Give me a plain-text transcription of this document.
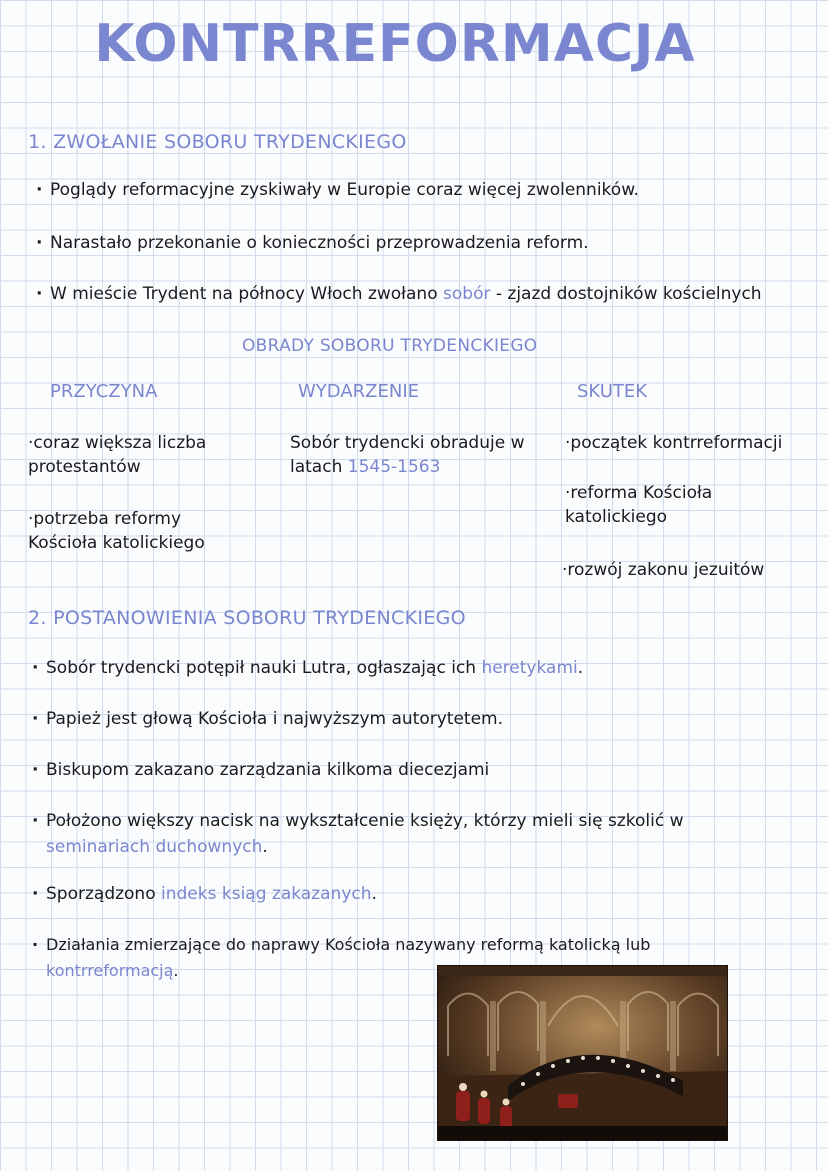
KONTRREFORMACJA
1. ZWOŁANIE SOBORU TRYDENCKIEGO
· Poglądy reformacyjne zyskiwały w Europie coraz więcej zwolenników.
· Narastało przekonanie o konieczności przeprowadzenia reform.
· W mieście Trydent na północy Włoch zwołano sobór - zjazd dostojników kościelnych
OBRADY SOBORU TRYDENCKIEGO
PRZYCZYNA	WYDARZENIE	SKUTEK
·coraz większa liczba protestantów
·potrzeba reformy Kościoła katolickiego
Sobór trydencki obraduje w latach 1545-1563
·początek kontrreformacji
·reforma Kościoła katolickiego
·rozwój zakonu jezuitów
2. POSTANOWIENIA SOBORU TRYDENCKIEGO
· Sobór trydencki potępił nauki Lutra, ogłaszając ich heretykami.
· Papież jest głową Kościoła i najwyższym autorytetem.
· Biskupom zakazano zarządzania kilkoma diecezjami
· Położono większy nacisk na wykształcenie księży, którzy mieli się szkolić w
seminariach duchownych.
· Sporządzono indeks ksiąg zakazanych.
· Działania zmierzające do naprawy Kościoła nazywany reformą katolicką lub
kontrreformacją.
